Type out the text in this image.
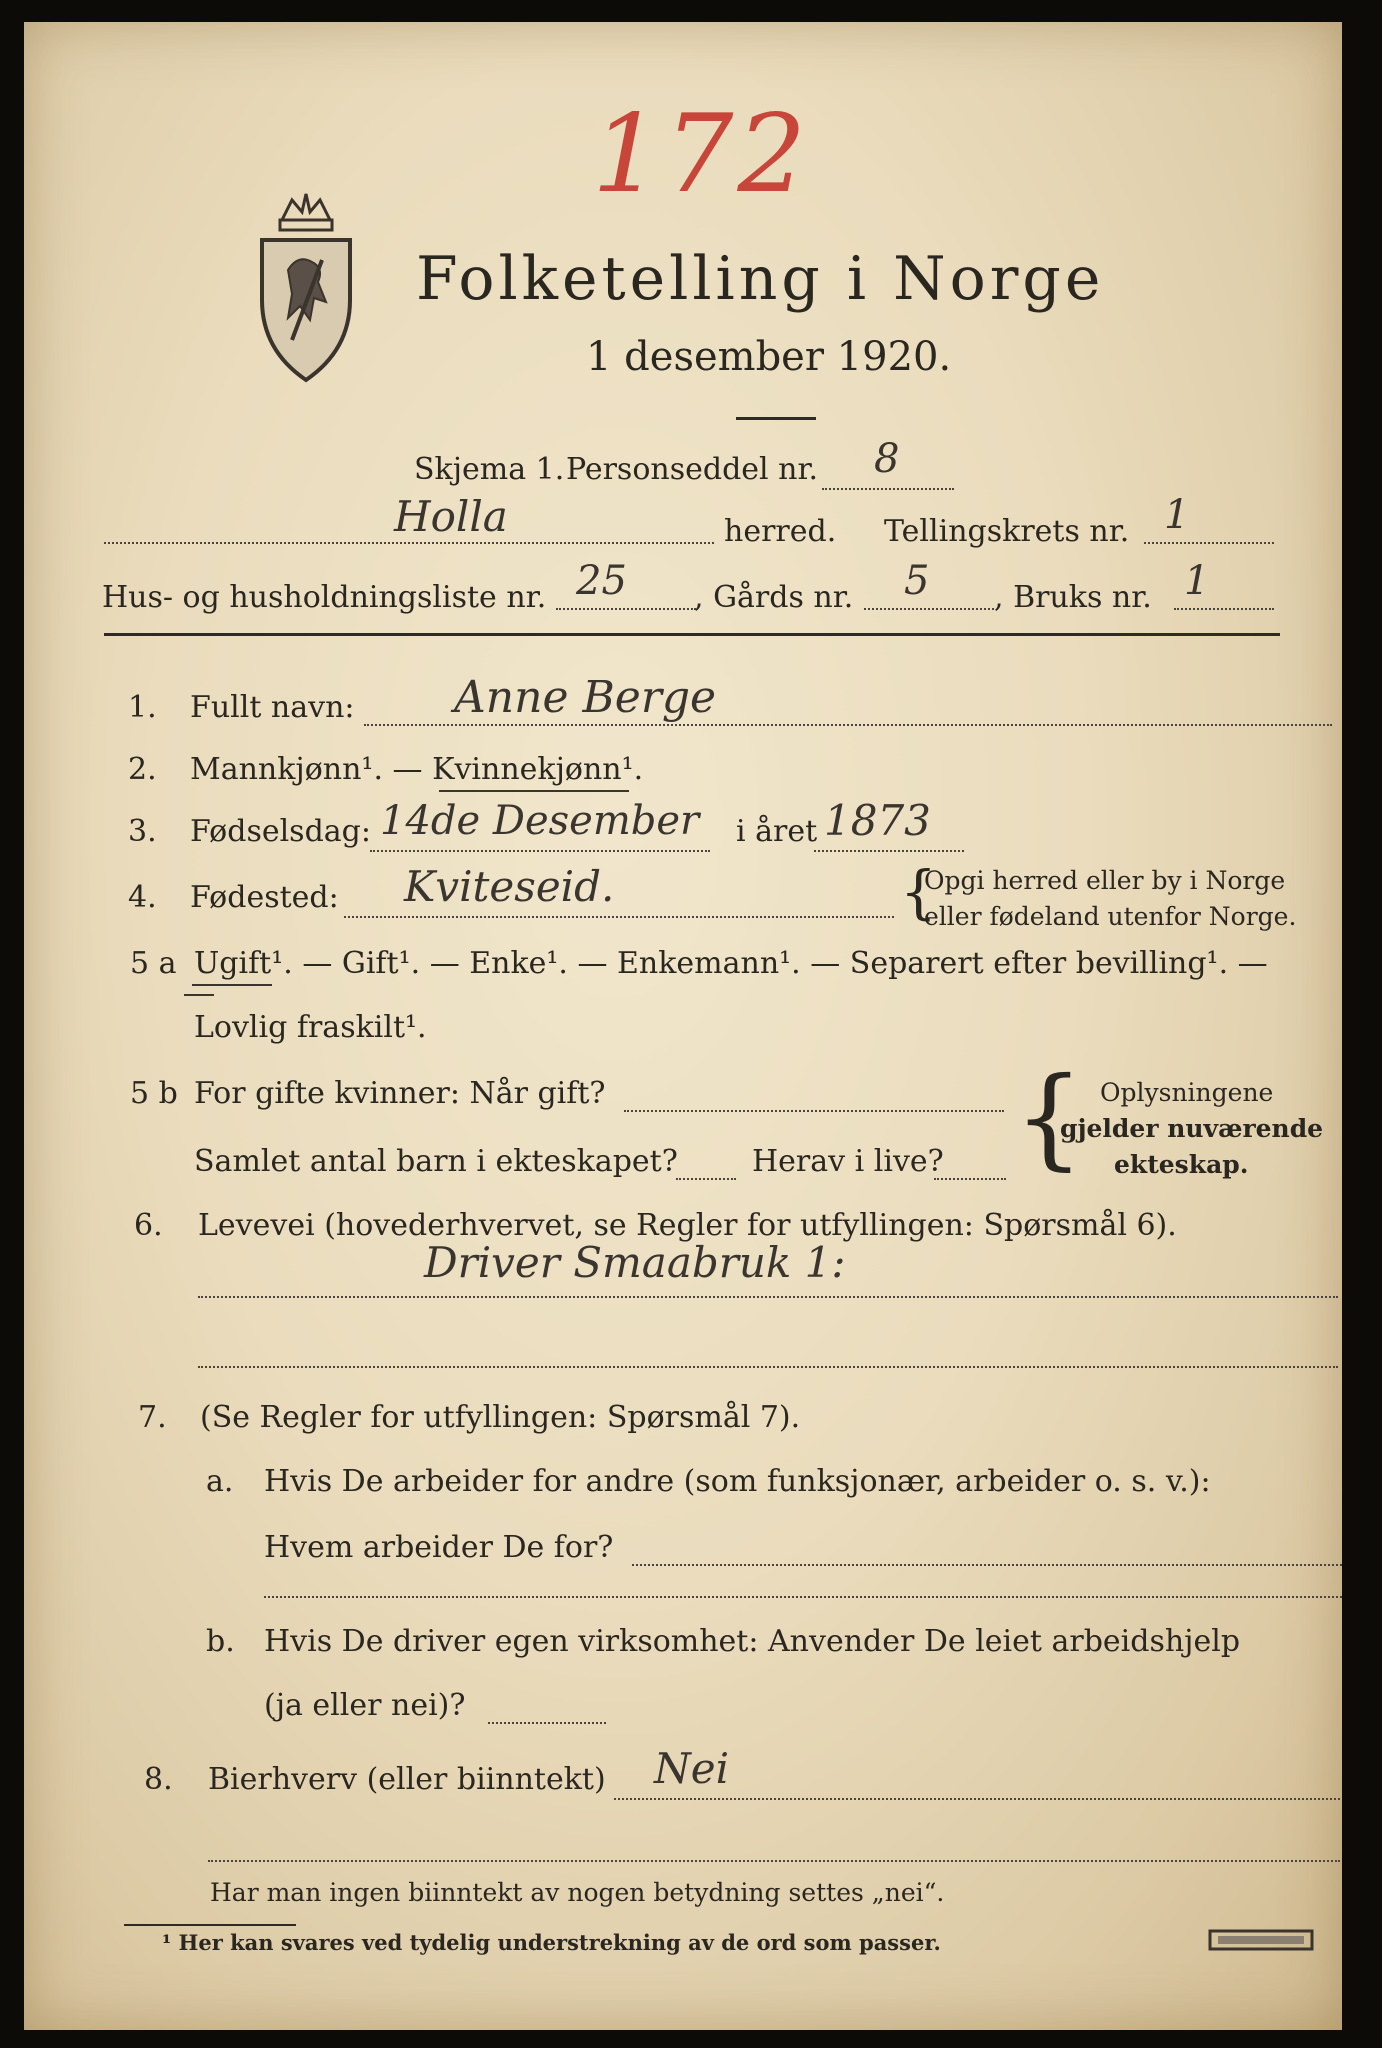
172
Folketelling i Norge
1 desember 1920.
Skjema 1. Personseddel nr. 8
Holla	herred. Tellingskrets nr. 1
Hus- og husholdningsliste nr. 25 , Gårds nr. 5 , Bruks nr. 1
1. Fullt navn: Anne Berge
2. Mannkjønn¹. — Kvinnekjønn¹.
3. Fødselsdag: 14de Desember i året 1873
4. Fødested: Kviteseid.	{
Opgi herred eller by i Norge
eller fødeland utenfor Norge.
5 a Ugift¹. — Gift¹. — Enke¹. — Enkemann¹. — Separert efter bevilling¹. —
Lovlig fraskilt¹.
5 b For gifte kvinner: Når gift?
Samlet antal barn i ekteskapet? Herav i live? { Oplysningene
gjelder nuværende
ekteskap.
6. Levevei (hovederhvervet, se Regler for utfyllingen: Spørsmål 6).
Driver Smaabruk 1:
7. (Se Regler for utfyllingen: Spørsmål 7).
a. Hvis De arbeider for andre (som funksjonær, arbeider o. s. v.):
Hvem arbeider De for?
b. Hvis De driver egen virksomhet: Anvender De leiet arbeidshjelp
(ja eller nei)?
8. Bierhverv (eller biinntekt) Nei
Har man ingen biinntekt av nogen betydning settes „nei“.
¹ Her kan svares ved tydelig understrekning av de ord som passer.
